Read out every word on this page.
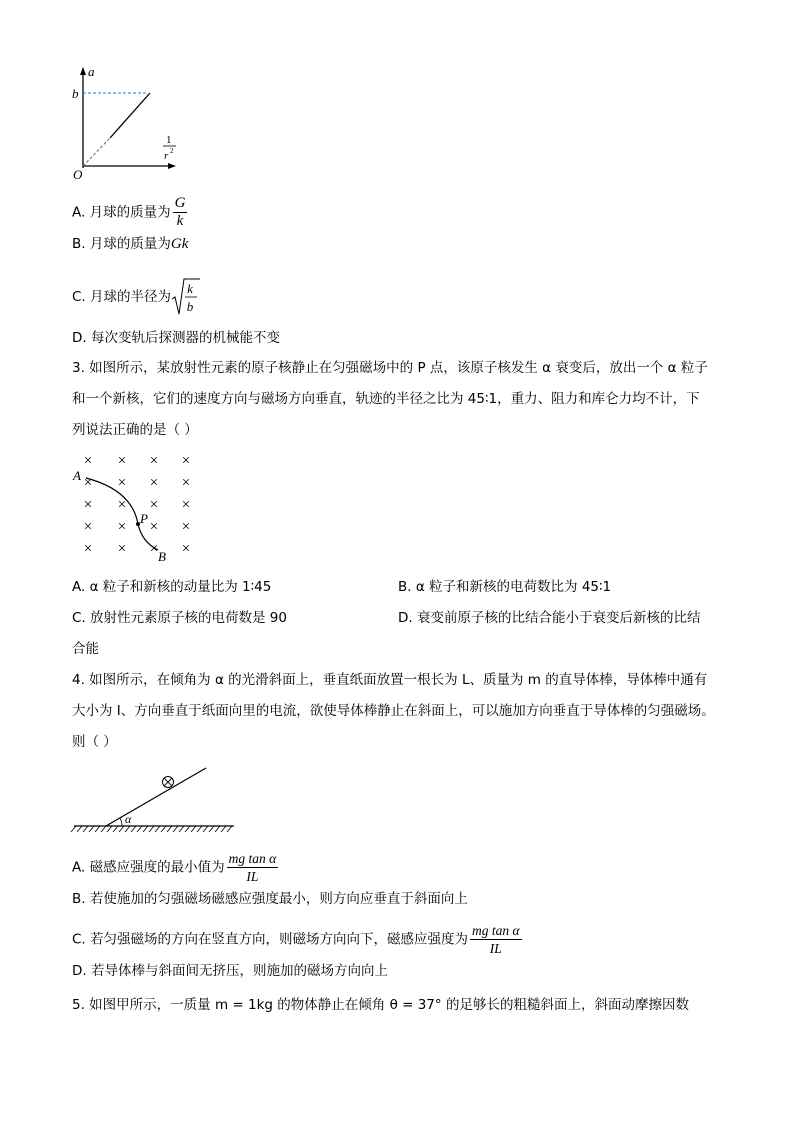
a
b
1
r 2
O
A. 月球的质量为 $\frac{G}{k}$
B. 月球的质量为Gk
C. 月球的半径为
k
b
D. 每次变轨后探测器的机械能不变
3. 如图所示，某放射性元素的原子核静止在匀强磁场中的 P 点，该原子核发生 α 衰变后，放出一个 α 粒子
和一个新核，它们的速度方向与磁场方向垂直，轨迹的半径之比为 45∶1，重力、阻力和库仑力均不计，下
列说法正确的是（ ）
× × × ×
× × × ×
× × × ×
× × × ×
× × × ×
A
P
B
A. α 粒子和新核的动量比为 1∶45	B. α 粒子和新核的电荷数比为 45∶1
C. 放射性元素原子核的电荷数是 90	D. 衰变前原子核的比结合能小于衰变后新核的比结
合能
4. 如图所示，在倾角为 α 的光滑斜面上，垂直纸面放置一根长为 L、质量为 m 的直导体棒，导体棒中通有
大小为 I、方向垂直于纸面向里的电流，欲使导体棒静止在斜面上，可以施加方向垂直于导体棒的匀强磁场。
则（ ）
α
A. 磁感应强度的最小值为 $\frac{\text{mg tan α}}{IL}$
B. 若使施加的匀强磁场磁感应强度最小，则方向应垂直于斜面向上
C. 若匀强磁场的方向在竖直方向，则磁场方向向下，磁感应强度为 $\frac{\text{mg tan α}}{IL}$
D. 若导体棒与斜面间无挤压，则施加的磁场方向向上
5. 如图甲所示，一质量 m = 1kg 的物体静止在倾角 θ = 37° 的足够长的粗糙斜面上，斜面动摩擦因数
